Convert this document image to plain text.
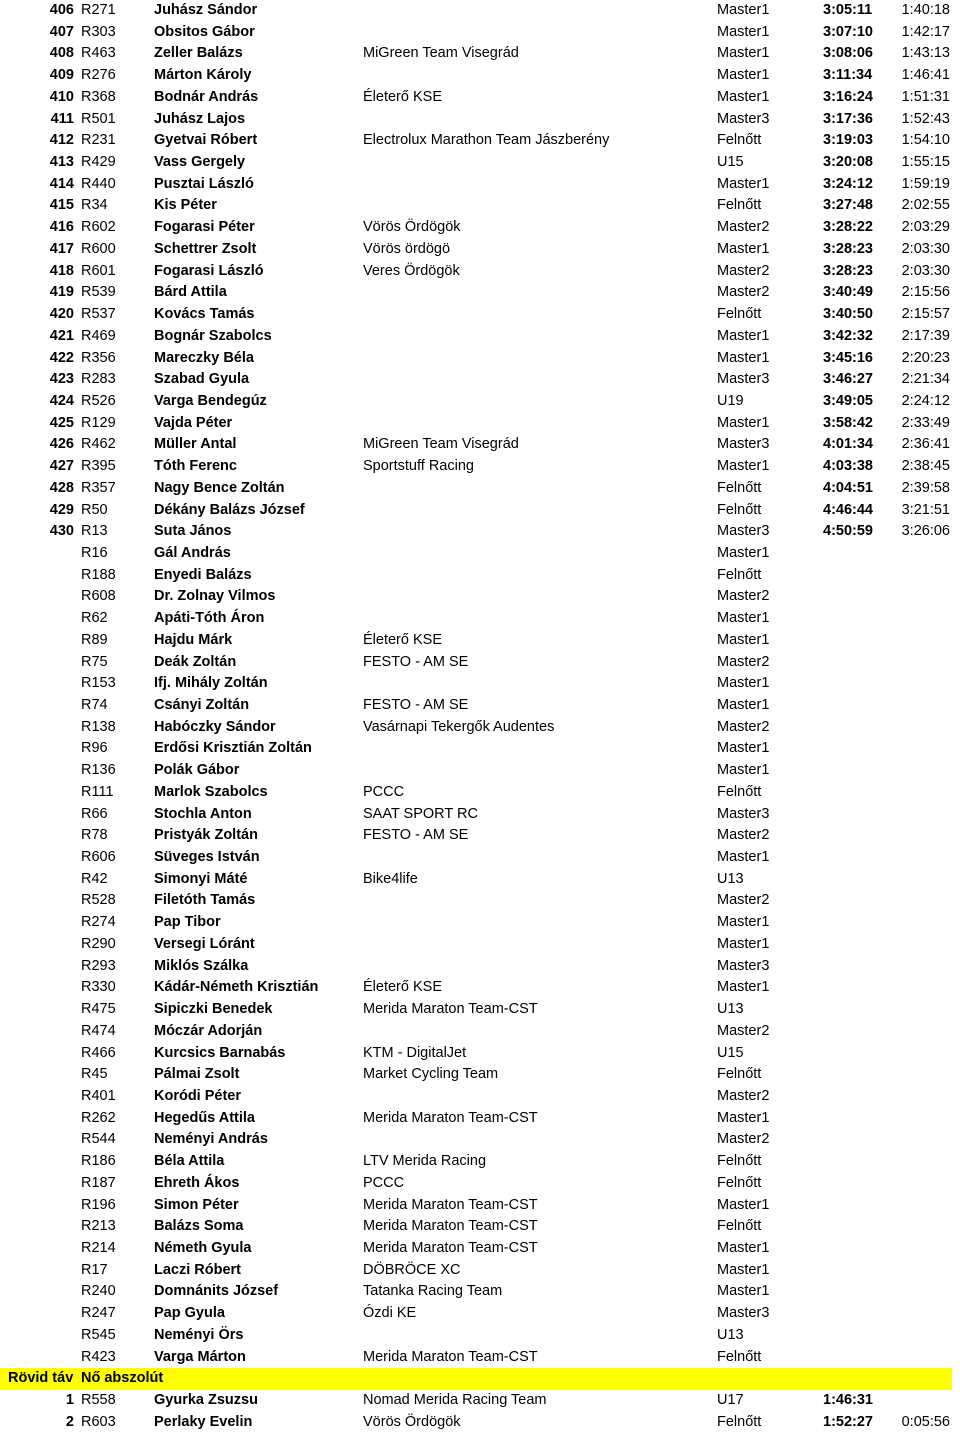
406 R271	Juhász Sándor	Master1	3:05:11 1:40:18
407 R303	Obsitos Gábor	Master1	3:07:10 1:42:17
408 R463	Zeller Balázs	MiGreen Team Visegrád	Master1	3:08:06 1:43:13
409 R276	Márton Károly	Master1	3:11:34 1:46:41
410 R368	Bodnár András	Életerő KSE	Master1	3:16:24 1:51:31
411 R501	Juhász Lajos	Master3	3:17:36 1:52:43
412 R231	Gyetvai Róbert	Electrolux Marathon Team Jászberény	Felnőtt	3:19:03 1:54:10
413 R429	Vass Gergely	U15	3:20:08 1:55:15
414 R440	Pusztai László	Master1	3:24:12 1:59:19
415 R34	Kis Péter	Felnőtt	3:27:48 2:02:55
416 R602	Fogarasi Péter	Vörös Ördögök	Master2	3:28:22 2:03:29
417 R600	Schettrer Zsolt	Vörös ördögö	Master1	3:28:23 2:03:30
418 R601	Fogarasi László	Veres Ördögök	Master2	3:28:23 2:03:30
419 R539	Bárd Attila	Master2	3:40:49 2:15:56
420 R537	Kovács Tamás	Felnőtt	3:40:50 2:15:57
421 R469	Bognár Szabolcs	Master1	3:42:32 2:17:39
422 R356	Mareczky Béla	Master1	3:45:16 2:20:23
423 R283	Szabad Gyula	Master3	3:46:27 2:21:34
424 R526	Varga Bendegúz	U19	3:49:05 2:24:12
425 R129	Vajda Péter	Master1	3:58:42 2:33:49
426 R462	Müller Antal	MiGreen Team Visegrád	Master3	4:01:34 2:36:41
427 R395	Tóth Ferenc	Sportstuff Racing	Master1	4:03:38 2:38:45
428 R357	Nagy Bence Zoltán	Felnőtt	4:04:51 2:39:58
429 R50	Dékány Balázs József	Felnőtt	4:46:44 3:21:51
430 R13	Suta János	Master3	4:50:59 3:26:06
R16	Gál András	Master1
R188	Enyedi Balázs	Felnőtt
R608	Dr. Zolnay Vilmos	Master2
R62	Apáti-Tóth Áron	Master1
R89	Hajdu Márk	Életerő KSE	Master1
R75	Deák Zoltán	FESTO - AM SE	Master2
R153	Ifj. Mihály Zoltán	Master1
R74	Csányi Zoltán	FESTO - AM SE	Master1
R138	Habóczky Sándor	Vasárnapi Tekergők Audentes	Master2
R96	Erdősi Krisztián Zoltán	Master1
R136	Polák Gábor	Master1
R111	Marlok Szabolcs	PCCC	Felnőtt
R66	Stochla Anton	SAAT SPORT RC	Master3
R78	Pristyák Zoltán	FESTO - AM SE	Master2
R606	Süveges István	Master1
R42	Simonyi Máté	Bike4life	U13
R528	Filetóth Tamás	Master2
R274	Pap Tibor	Master1
R290	Versegi Lóránt	Master1
R293	Miklós Szálka	Master3
R330	Kádár-Németh Krisztián	Életerő KSE	Master1
R475	Sipiczki Benedek	Merida Maraton Team-CST	U13
R474	Móczár Adorján	Master2
R466	Kurcsics Barnabás	KTM - DigitalJet	U15
R45	Pálmai Zsolt	Market Cycling Team	Felnőtt
R401	Koródi Péter	Master2
R262	Hegedűs Attila	Merida Maraton Team-CST	Master1
R544	Neményi András	Master2
R186	Béla Attila	LTV Merida Racing	Felnőtt
R187	Ehreth Ákos	PCCC	Felnőtt
R196	Simon Péter	Merida Maraton Team-CST	Master1
R213	Balázs Soma	Merida Maraton Team-CST	Felnőtt
R214	Németh Gyula	Merida Maraton Team-CST	Master1
R17	Laczi Róbert	DÖBRÖCE XC	Master1
R240	Domnánits József	Tatanka Racing Team	Master1
R247	Pap Gyula	Ózdi KE	Master3
R545	Neményi Örs	U13
R423	Varga Márton	Merida Maraton Team-CST	Felnőtt
Rövid táv Nő abszolút
1 R558	Gyurka Zsuzsu	Nomad Merida Racing Team	U17	1:46:31
2 R603	Perlaky Evelin	Vörös Ördögök	Felnőtt	1:52:27 0:05:56
